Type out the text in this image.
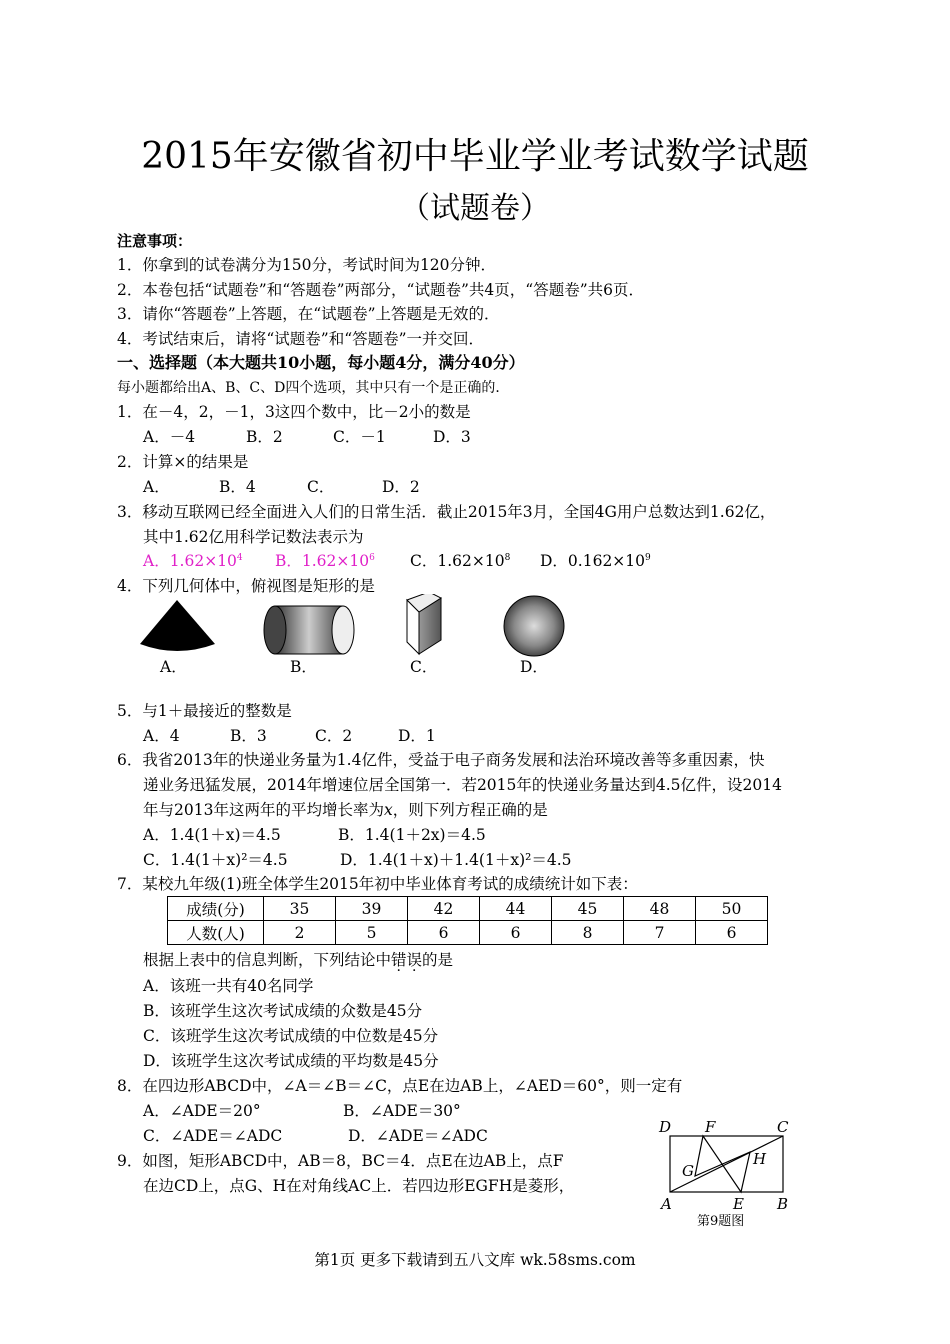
2015年安徽省初中毕业学业考试数学试题
（试题卷）
注意事项：
1．你拿到的试卷满分为150分，考试时间为120分钟．
2．本卷包括“试题卷”和“答题卷”两部分，“试题卷”共4页，“答题卷”共6页．
3．请你“答题卷”上答题，在“试题卷”上答题是无效的．
4．考试结束后，请将“试题卷”和“答题卷”一并交回．
一、选择题（本大题共10小题，每小题4分，满分40分）
每小题都给出A、B、C、D四个选项，其中只有一个是正确的．
1．在－4，2，－1，3这四个数中，比－2小的数是
A．－4	B．2	C．－1	D．3
2．计算×的结果是
A．	B．4	C．	D．2
3．移动互联网已经全面进入人们的日常生活．截止2015年3月，全国4G用户总数达到1.62亿，
其中1.62亿用科学记数法表示为
A．$1.62\times 10^4$ B．$1.62\times 10^6$ C．$1.62\times 10^8$ D．$0.162\times 10^9$
4．下列几何体中，俯视图是矩形的是
A．	B．	C．	D．
5．与1＋最接近的整数是
A．4	B．3	C．2	D．1
6．我省2013年的快递业务量为1.4亿件，受益于电子商务发展和法治环境改善等多重因素，快
递业务迅猛发展，2014年增速位居全国第一．若2015年的快递业务量达到4.5亿件，设2014
年与2013年这两年的平均增长率为x，则下列方程正确的是
A．1.4(1＋x)＝4.5	B．1.4(1＋2x)＝4.5
C．1.4(1＋x)²＝4.5	D．1.4(1＋x)＋1.4(1＋x)²＝4.5
7．某校九年级(1)班全体学生2015年初中毕业体育考试的成绩统计如下表：
成绩(分)	35	39	42	44	45	48	50
人数(人)	2	5	6	6	8	7	6
根据上表中的信息判断，下列结论中错误的是
A．该班一共有40名同学
B．该班学生这次考试成绩的众数是45分
C．该班学生这次考试成绩的中位数是45分
D．该班学生这次考试成绩的平均数是45分
8．在四边形ABCD中，∠A＝∠B＝∠C，点E在边AB上，∠AED＝60°，则一定有
A．∠ADE＝20°	B．∠ADE＝30°
C．∠ADE＝∠ADC	D．∠ADE＝∠ADC
9．如图，矩形ABCD中，AB＝8，BC＝4．点E在边AB上，点F
在边CD上，点G、H在对角线AC上．若四边形EGFH是菱形，
D F	C
G
H
A	E B
第9题图
第1页 更多下载请到五八文库 wk.58sms.com
